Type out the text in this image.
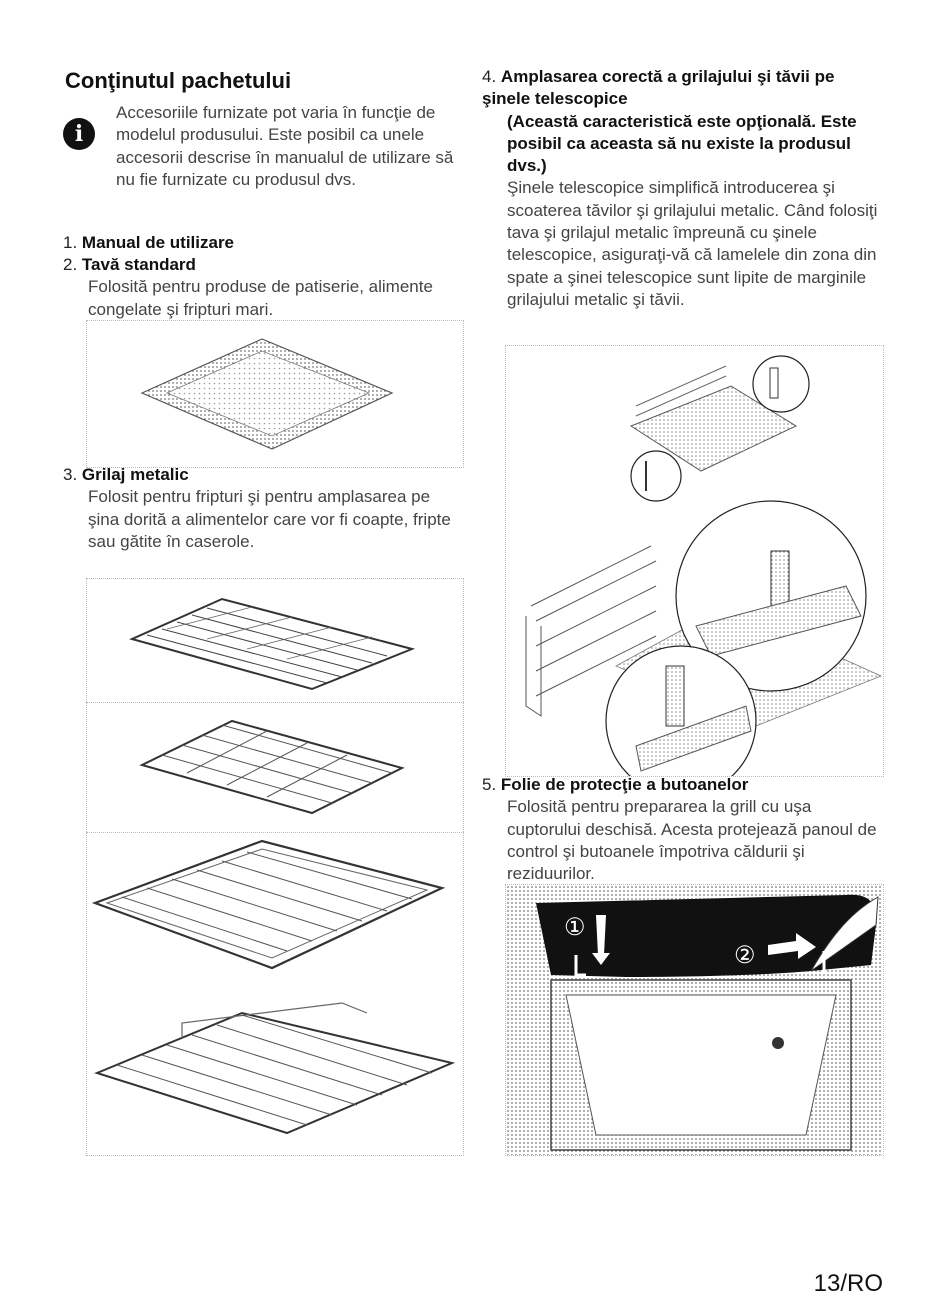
Conţinutul pachetului
i
Accesoriile furnizate pot varia în funcţie de modelul produsului. Este posibil ca unele accesorii descrise în manualul de utilizare să nu fie furnizate cu produsul dvs.
1. Manual de utilizare
2. Tavă standard
Folosită pentru produse de patiserie, alimente congelate şi fripturi mari.
3. Grilaj metalic
Folosit pentru fripturi şi pentru amplasarea pe şina dorită a alimentelor care vor fi coapte, fripte sau gătite în caserole.
4. Amplasarea corectă a grilajului şi tăvii pe şinele telescopice
(Această caracteristică este opţională. Este posibil ca aceasta să nu existe la produsul dvs.)
Şinele telescopice simplifică introducerea şi scoaterea tăvilor şi grilajului metalic. Când folosiţi tava şi grilajul metalic împreună cu şinele telescopice, asiguraţi-vă că lamelele din zona din spate a şinei telescopice sunt lipite de marginile grilajului metalic şi tăvii.
5. Folie de protecţie a butoanelor
Folosită pentru prepararea la grill cu uşa cuptorului deschisă. Acesta protejează panoul de control şi butoanele împotriva căldurii şi reziduurilor.
①
②
13/RO
